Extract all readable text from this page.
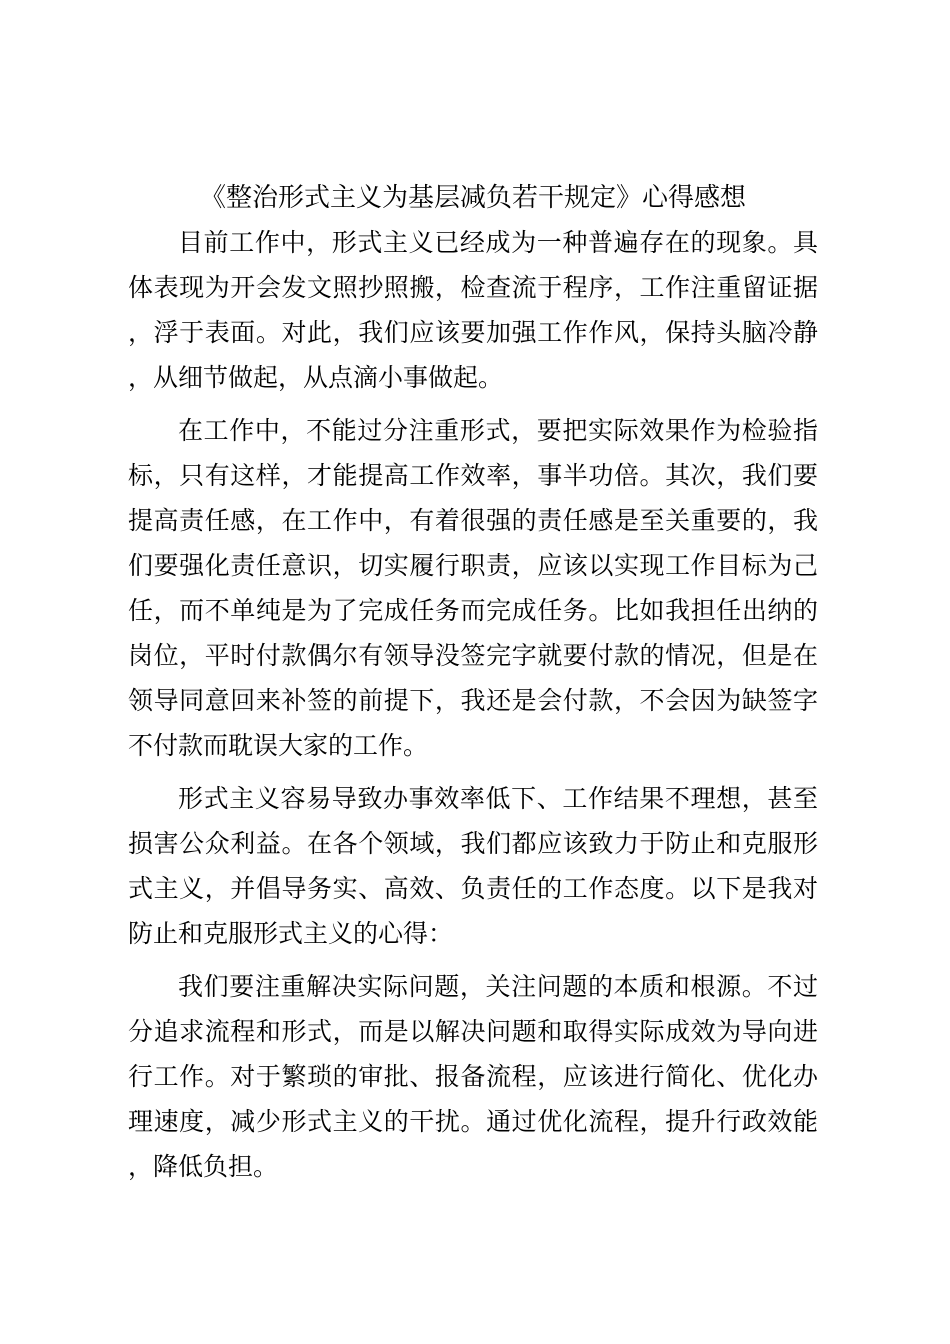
《整治形式主义为基层减负若干规定》心得感想

目前工作中，形式主义已经成为一种普遍存在的现象。具体表现为开会发文照抄照搬，检查流于程序，工作注重留证据，浮于表面。对此，我们应该要加强工作作风，保持头脑冷静，从细节做起，从点滴小事做起。

在工作中，不能过分注重形式，要把实际效果作为检验指标，只有这样，才能提高工作效率，事半功倍。其次，我们要提高责任感，在工作中，有着很强的责任感是至关重要的，我们要强化责任意识，切实履行职责，应该以实现工作目标为己任，而不单纯是为了完成任务而完成任务。比如我担任出纳的岗位，平时付款偶尔有领导没签完字就要付款的情况，但是在领导同意回来补签的前提下，我还是会付款，不会因为缺签字不付款而耽误大家的工作。

形式主义容易导致办事效率低下、工作结果不理想，甚至损害公众利益。在各个领域，我们都应该致力于防止和克服形式主义，并倡导务实、高效、负责任的工作态度。以下是我对防止和克服形式主义的心得：

我们要注重解决实际问题，关注问题的本质和根源。不过分追求流程和形式，而是以解决问题和取得实际成效为导向进行工作。对于繁琐的审批、报备流程，应该进行简化、优化办理速度，减少形式主义的干扰。通过优化流程，提升行政效能，降低负担。
